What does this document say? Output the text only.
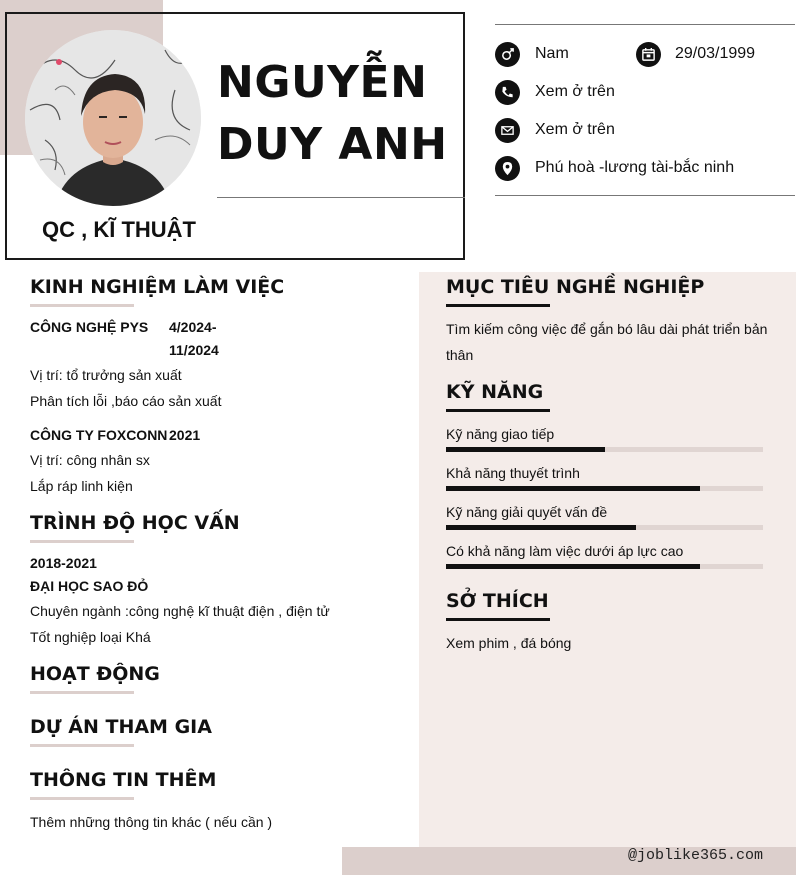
NGUYỄN
DUY ANH
QC , KĨ THUẬT
Nam	29/03/1999
Xem ở trên
Xem ở trên
Phú hoà -lương tài-bắc ninh
KINH NGHIỆM LÀM VIỆC
CÔNG NGHỆ PYS 4/2024-
11/2024
Vị trí: tổ trưởng sản xuất
Phân tích lỗi ,báo cáo sản xuất
CÔNG TY FOXCONN 2021
Vị trí: công nhân sx
Lắp ráp linh kiện
TRÌNH ĐỘ HỌC VẤN
2018-2021
ĐẠI HỌC SAO ĐỎ
Chuyên ngành :công nghệ kĩ thuật điện , điện tử
Tốt nghiệp loại Khá
HOẠT ĐỘNG
DỰ ÁN THAM GIA
THÔNG TIN THÊM
Thêm những thông tin khác ( nếu cần )
MỤC TIÊU NGHỀ NGHIỆP
Tìm kiếm công việc để gắn bó lâu dài phát triển bản
thân
KỸ NĂNG
Kỹ năng giao tiếp
Khả năng thuyết trình
Kỹ năng giải quyết vấn đề
Có khả năng làm việc dưới áp lực cao
SỞ THÍCH
Xem phim , đá bóng
@joblike365.com
